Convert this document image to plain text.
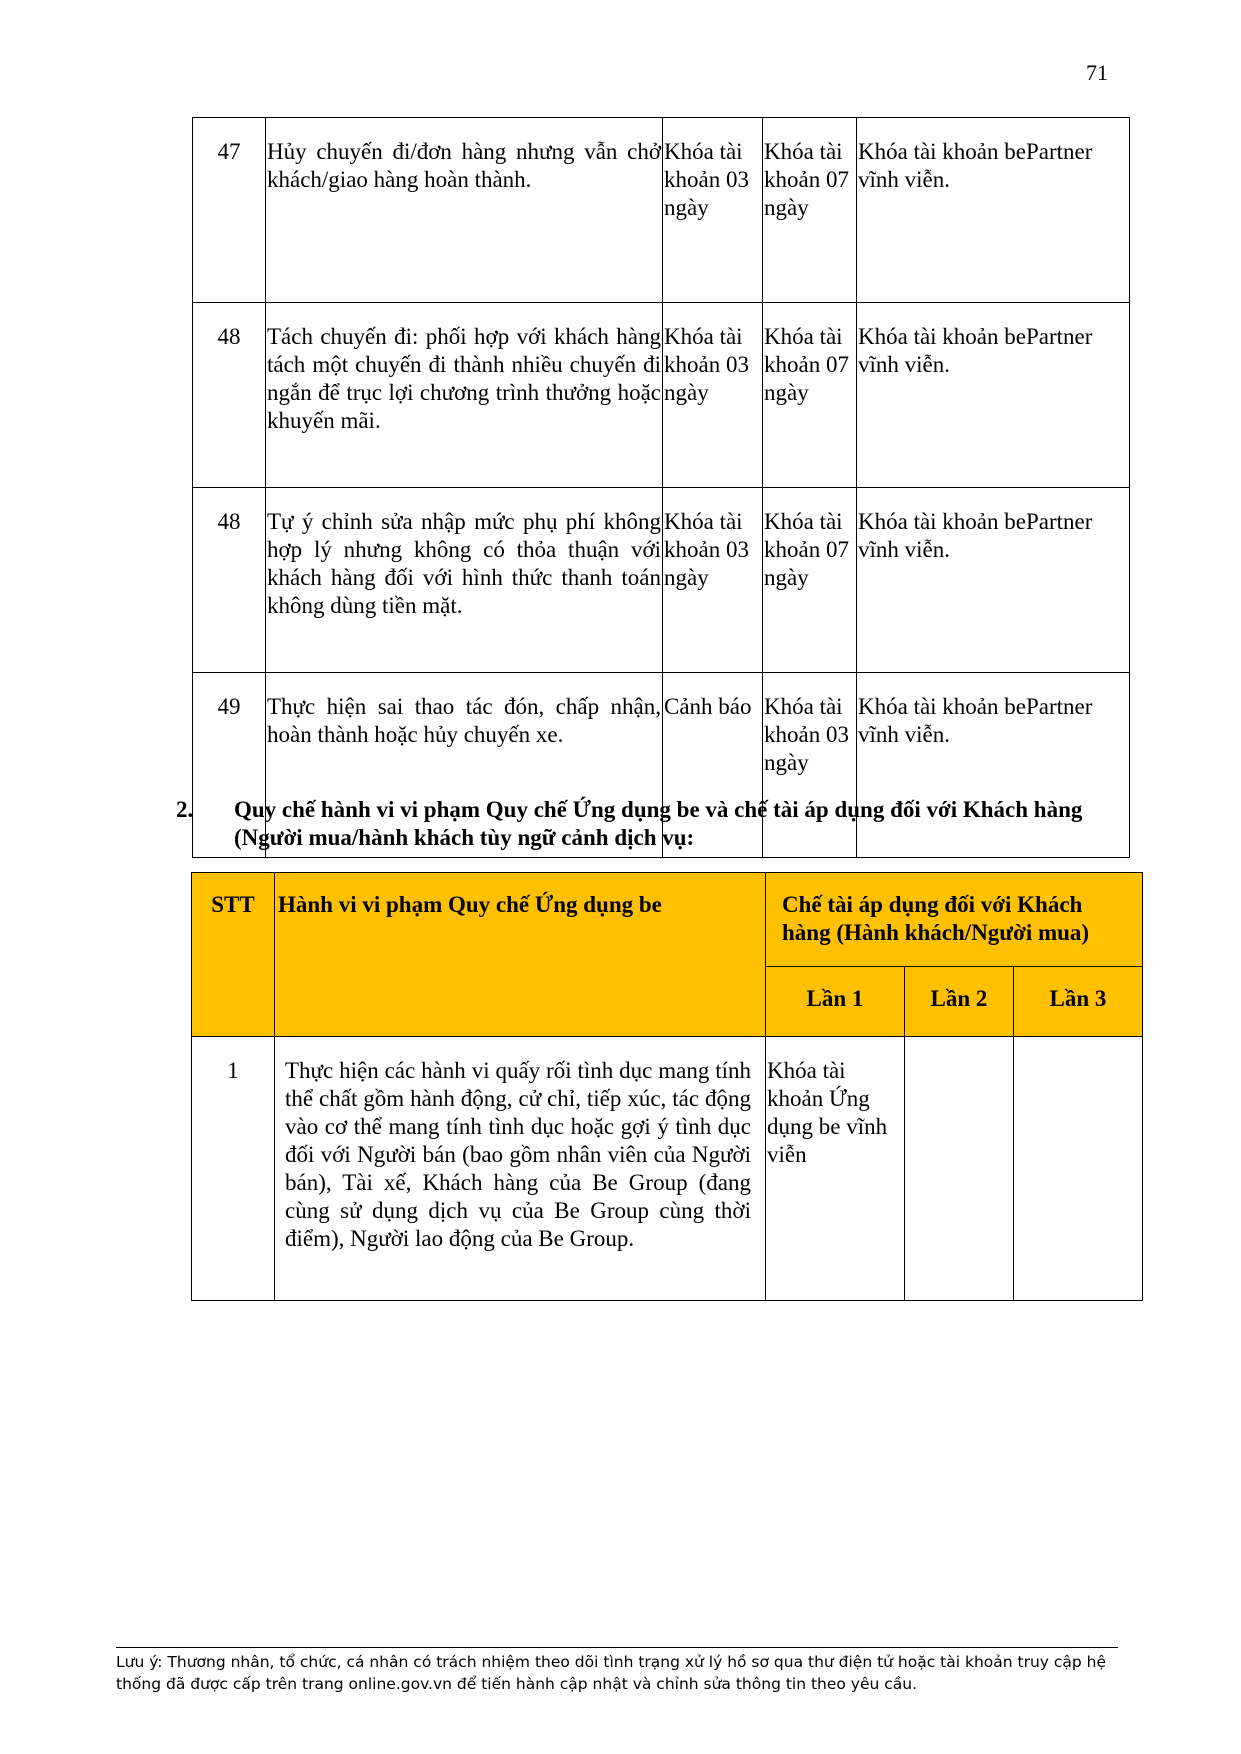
71
47	Hủy chuyến đi/đơn hàng nhưng vẫn chở khách/giao hàng hoàn thành.	Khóa tài khoản 03 ngày	Khóa tài khoản 07 ngày	Khóa tài khoản bePartner vĩnh viễn.
48	Tách chuyến đi: phối hợp với khách hàng tách một chuyến đi thành nhiều chuyến đi ngắn để trục lợi chương trình thưởng hoặc khuyến mãi.	Khóa tài khoản 03 ngày	Khóa tài khoản 07 ngày	Khóa tài khoản bePartner vĩnh viễn.
48	Tự ý chỉnh sửa nhập mức phụ phí không hợp lý nhưng không có thỏa thuận với khách hàng đối với hình thức thanh toán không dùng tiền mặt.	Khóa tài khoản 03 ngày	Khóa tài khoản 07 ngày	Khóa tài khoản bePartner vĩnh viễn.
49	Thực hiện sai thao tác đón, chấp nhận, hoàn thành hoặc hủy chuyến xe.	Cảnh báo	Khóa tài khoản 03 ngày	Khóa tài khoản bePartner vĩnh viễn.
2. Quy chế hành vi vi phạm Quy chế Ứng dụng be và chế tài áp dụng đối với Khách hàng (Người mua/hành khách tùy ngữ cảnh dịch vụ:
STT	Hành vi vi phạm Quy chế Ứng dụng be	Chế tài áp dụng đối với Khách hàng (Hành khách/Người mua)		
		Lần 1	Lần 2	Lần 3
1	Thực hiện các hành vi quấy rối tình dục mang tính thể chất gồm hành động, cử chỉ, tiếp xúc, tác động vào cơ thể mang tính tình dục hoặc gợi ý tình dục đối với Người bán (bao gồm nhân viên của Người bán), Tài xế, Khách hàng của Be Group (đang cùng sử dụng dịch vụ của Be Group cùng thời điểm), Người lao động của Be Group.	Khóa tài khoản Ứng dụng be vĩnh viễn		
Lưu ý: Thương nhân, tổ chức, cá nhân có trách nhiệm theo dõi tình trạng xử lý hồ sơ qua thư điện tử hoặc tài khoản truy cập hệ thống đã được cấp trên trang online.gov.vn để tiến hành cập nhật và chỉnh sửa thông tin theo yêu cầu.
